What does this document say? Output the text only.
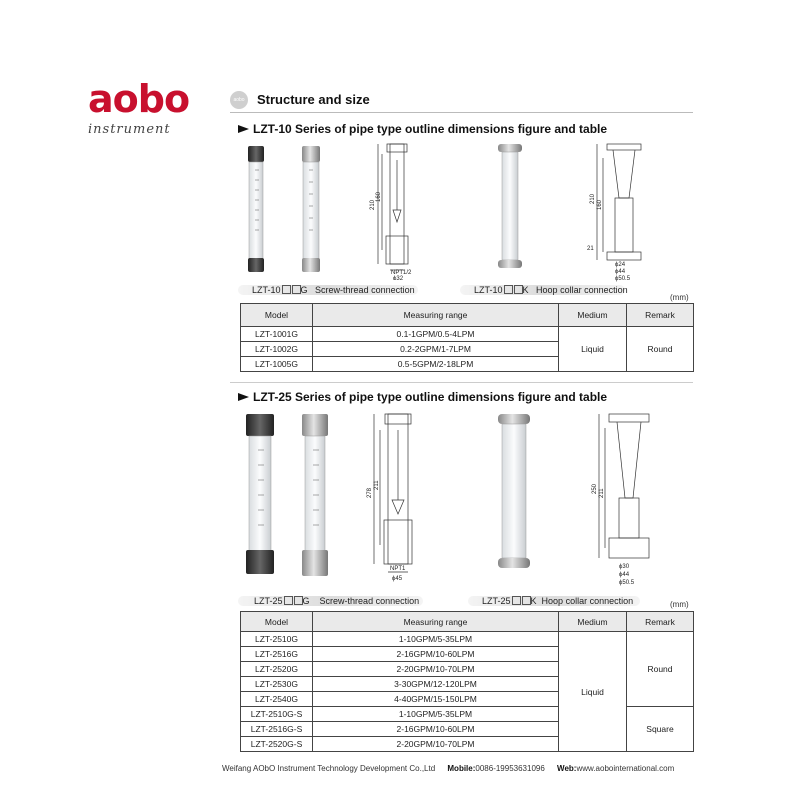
aobo
instrument
aobo Structure and size
LZT-10 Series of pipe type outline dimensions figure and table
210
160
NPT1/2
ϕ32
210
160
21
ϕ24
ϕ44
ϕ50.5
LZT-10 G Screw-thread connection	LZT-10 K Hoop collar connection
(mm)
Model	Measuring range	Medium	Remark
LZT-1001G	0.1-1GPM/0.5-4LPM	Liquid	Round
LZT-1002G	0.2-2GPM/1-7LPM		
LZT-1005G	0.5-5GPM/2-18LPM		
LZT-25 Series of pipe type outline dimensions figure and table
278
211
NPT1
ϕ45
250 211
ϕ30
ϕ44
ϕ50.5
LZT-25 G Screw-thread connection	LZT-25 K Hoop collar connection	(mm)
Model	Measuring range	Medium	Remark
LZT-2510G	1-10GPM/5-35LPM	Liquid	Round
LZT-2516G	2-16GPM/10-60LPM		
LZT-2520G	2-20GPM/10-70LPM		
LZT-2530G	3-30GPM/12-120LPM		
LZT-2540G	4-40GPM/15-150LPM		
LZT-2510G-S	1-10GPM/5-35LPM		Square
LZT-2516G-S	2-16GPM/10-60LPM		
LZT-2520G-S	2-20GPM/10-70LPM		
Weifang AObO Instrument Technology Development Co.,Ltd Mobile:0086-19953631096 Web:www.aobointernational.com
